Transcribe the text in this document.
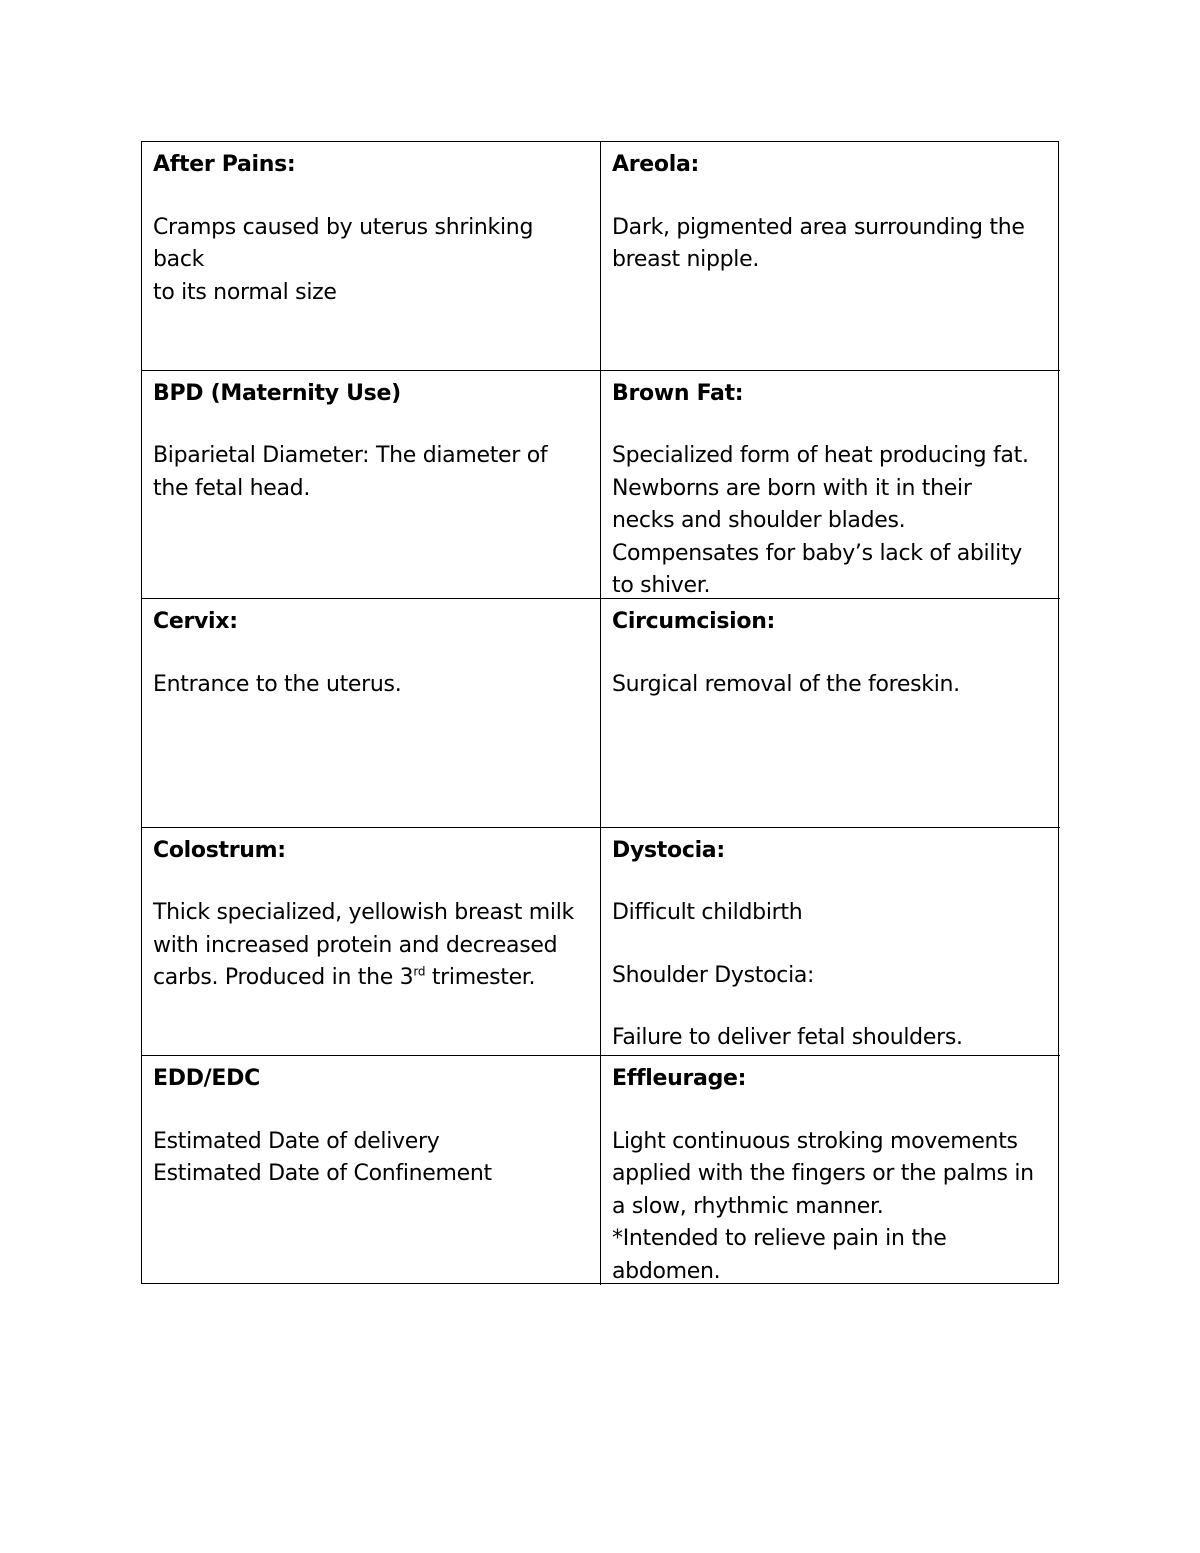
After Pains:
Cramps caused by uterus shrinking back
to its normal size
Areola:
Dark, pigmented area surrounding the
breast nipple.
BPD (Maternity Use)
Biparietal Diameter: The diameter of
the fetal head.
Brown Fat:
Specialized form of heat producing fat.
Newborns are born with it in their
necks and shoulder blades.
Compensates for baby’s lack of ability
to shiver.
Cervix:
Entrance to the uterus.
Circumcision:
Surgical removal of the foreskin.
Colostrum:
Thick specialized, yellowish breast milk
with increased protein and decreased
carbs. Produced in the 3rd trimester.
Dystocia:
Difficult childbirth
Shoulder Dystocia:
Failure to deliver fetal shoulders.
EDD/EDC
Estimated Date of delivery
Estimated Date of Confinement
Effleurage:
Light continuous stroking movements
applied with the fingers or the palms in
a slow, rhythmic manner.
*Intended to relieve pain in the
abdomen.
